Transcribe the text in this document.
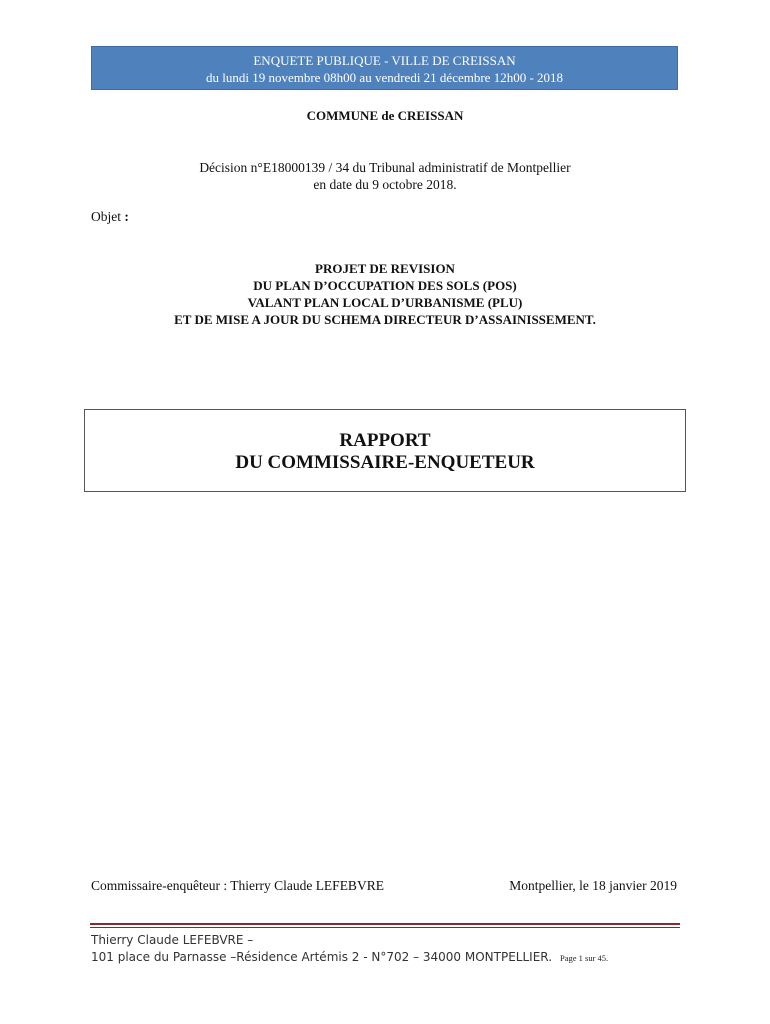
ENQUETE PUBLIQUE - VILLE DE CREISSAN
du lundi 19 novembre 08h00 au vendredi 21 décembre 12h00 - 2018
COMMUNE de CREISSAN
Décision n°E18000139 / 34 du Tribunal administratif de Montpellier
en date du 9 octobre 2018.
Objet :
PROJET DE REVISION
DU PLAN D’OCCUPATION DES SOLS (POS)
VALANT PLAN LOCAL D’URBANISME (PLU)
ET DE MISE A JOUR DU SCHEMA DIRECTEUR D’ASSAINISSEMENT.
RAPPORT
DU COMMISSAIRE-ENQUETEUR
Commissaire-enquêteur : Thierry Claude LEFEBVRE	Montpellier, le 18 janvier 2019
Thierry Claude LEFEBVRE –
101 place du Parnasse –Résidence Artémis 2 - N°702 – 34000 MONTPELLIER. Page 1 sur 45.
